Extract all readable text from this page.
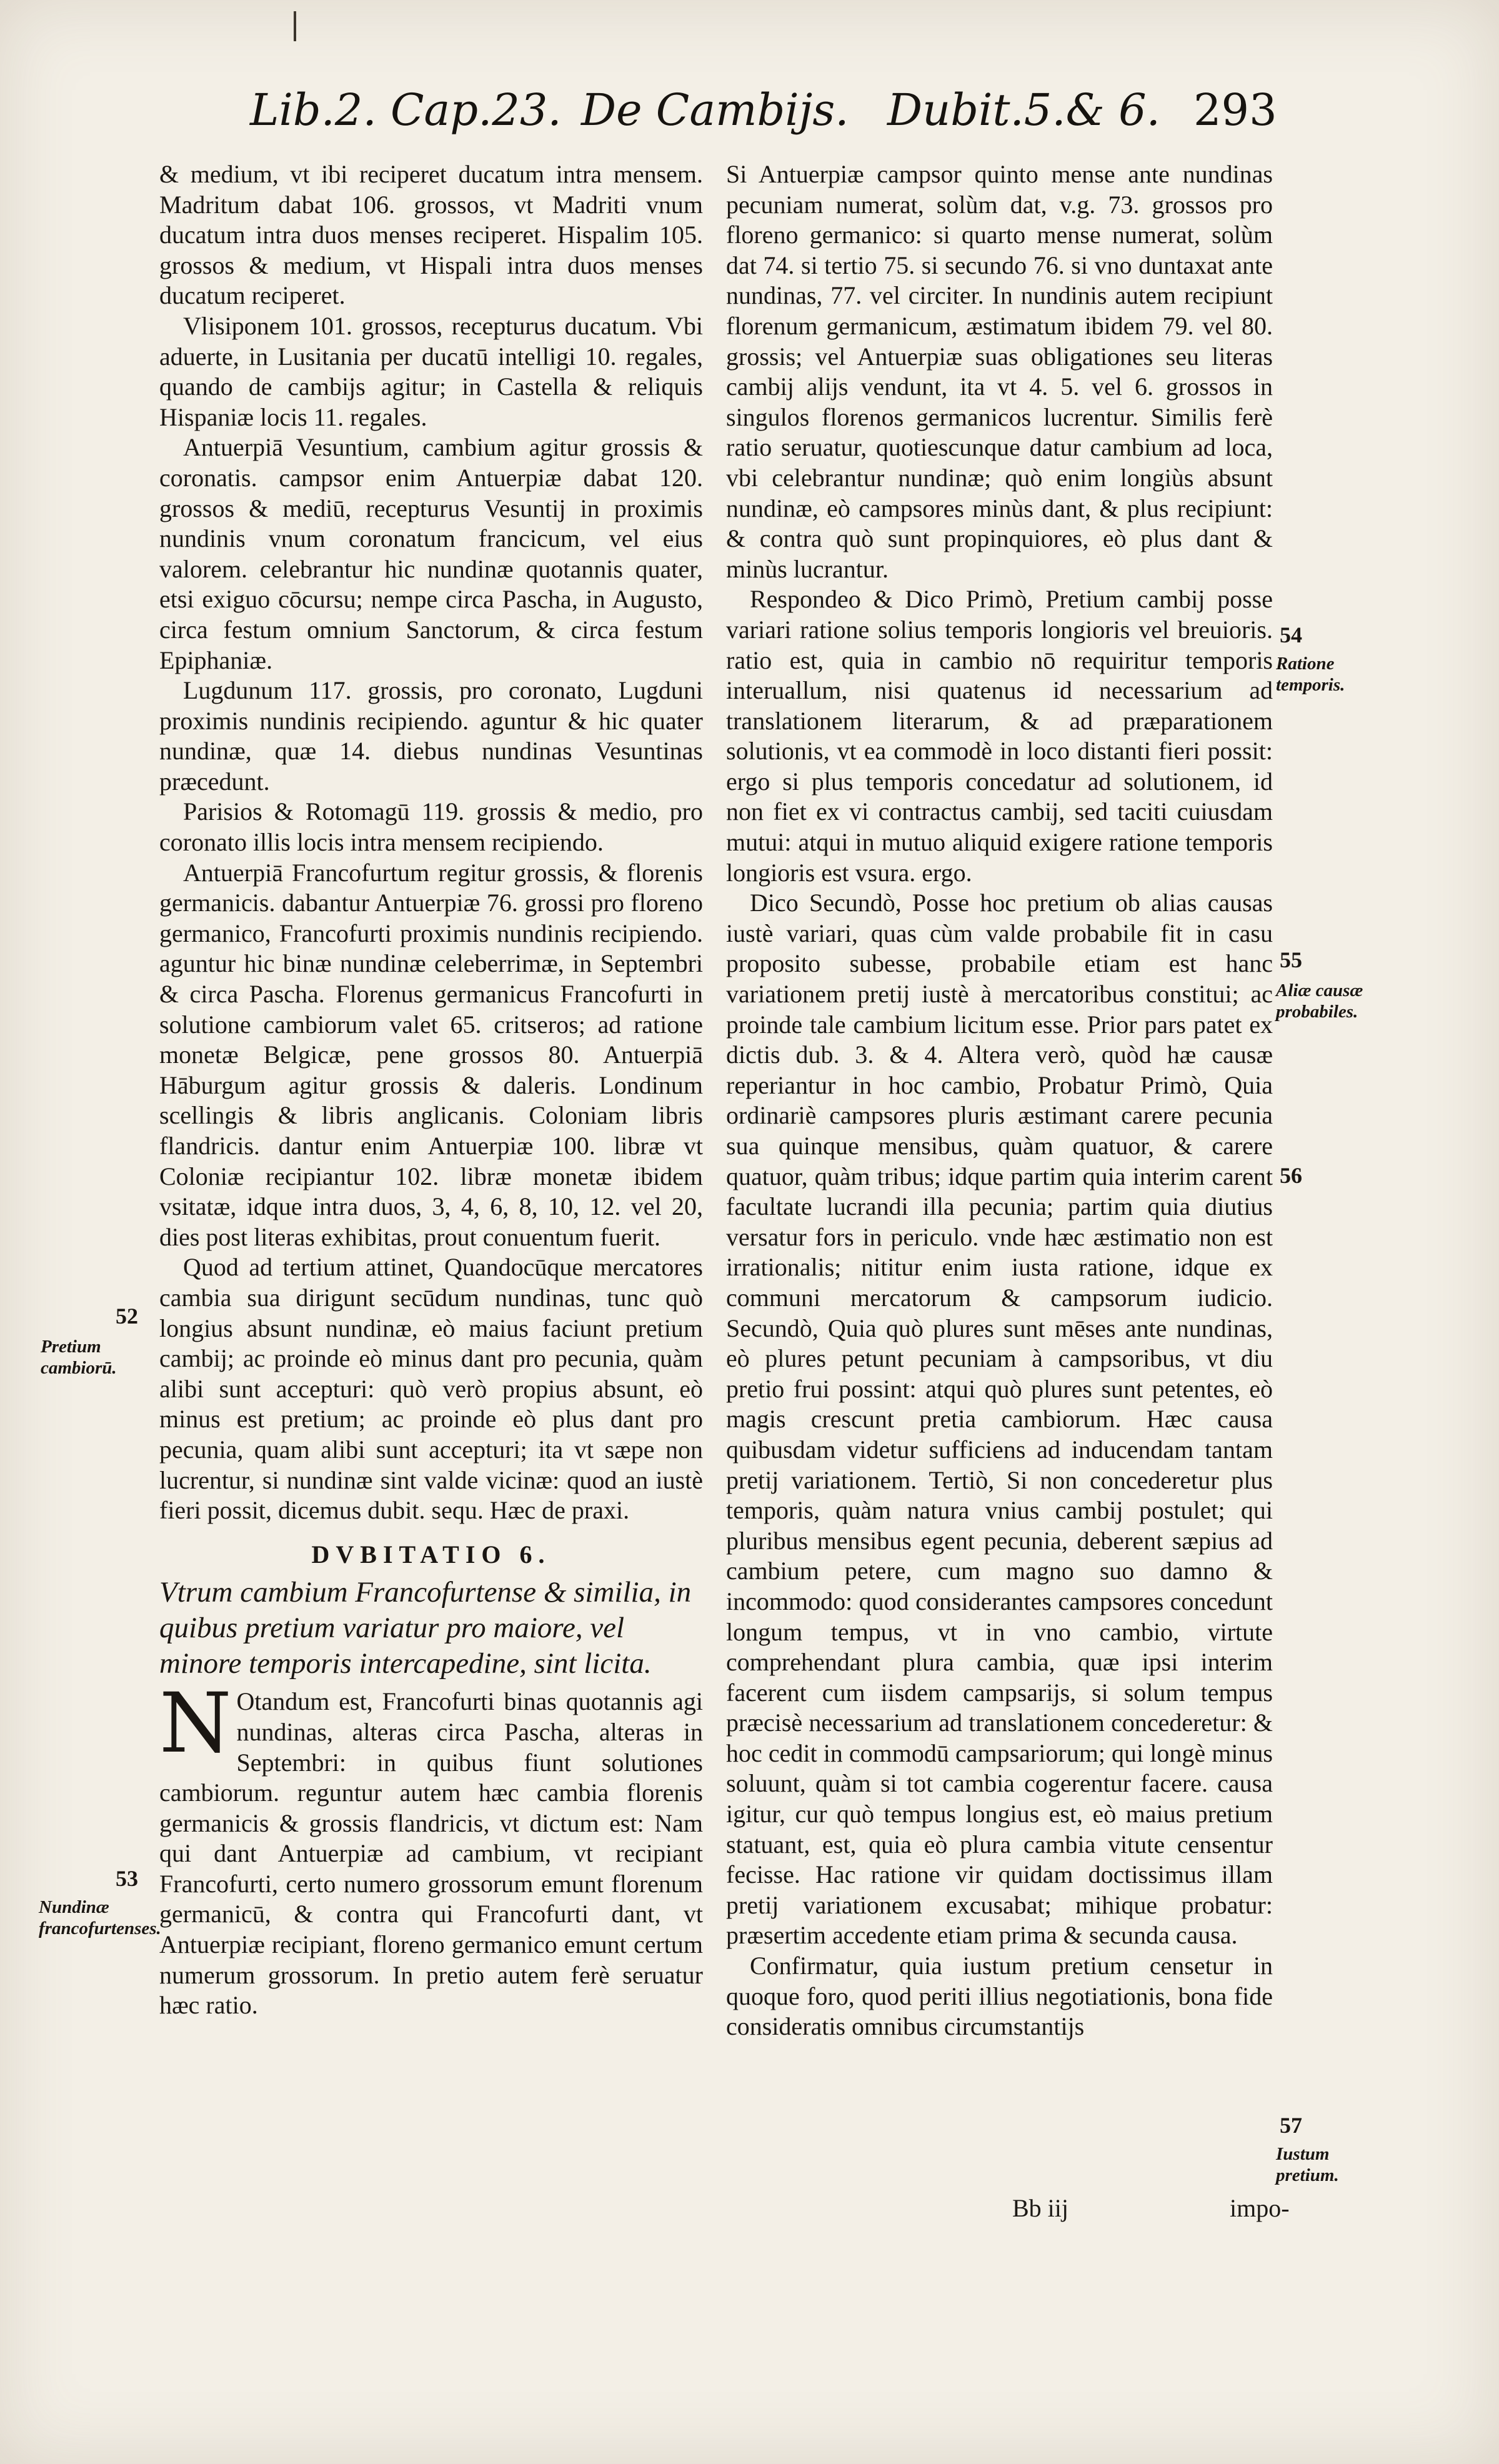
Lib.2. Cap.23. De Cambijs. Dubit.5.& 6. 293

& medium, vt ibi reciperet ducatum intra mensem. Madritum dabat 106. grossos, vt Madriti vnum ducatum intra duos menses reciperet. Hispalim 105. grossos & medium, vt Hispali intra duos menses ducatum reciperet.

Vlisiponem 101. grossos, recepturus ducatum. Vbi aduerte, in Lusitania per ducatū intelligi 10. regales, quando de cambijs agitur; in Castella & reliquis Hispaniæ locis 11. regales.

Antuerpiā Vesuntium, cambium agitur grossis & coronatis. campsor enim Antuerpiæ dabat 120. grossos & mediū, recepturus Vesuntij in proximis nundinis vnum coronatum francicum, vel eius valorem. celebrantur hic nundinæ quotannis quater, etsi exiguo cōcursu; nempe circa Pascha, in Augusto, circa festum omnium Sanctorum, & circa festum Epiphaniæ.

Lugdunum 117. grossis, pro coronato, Lugduni proximis nundinis recipiendo. aguntur & hic quater nundinæ, quæ 14. diebus nundinas Vesuntinas præcedunt.

Parisios & Rotomagū 119. grossis & medio, pro coronato illis locis intra mensem recipiendo.

Antuerpiā Francofurtum regitur grossis, & florenis germanicis. dabantur Antuerpiæ 76. grossi pro floreno germanico, Francofurti proximis nundinis recipiendo. aguntur hic binæ nundinæ celeberrimæ, in Septembri & circa Pascha. Florenus germanicus Francofurti in solutione cambiorum valet 65. critseros; ad ratione monetæ Belgicæ, pene grossos 80. Antuerpiā Hāburgum agitur grossis & daleris. Londinum scellingis & libris anglicanis. Coloniam libris flandricis. dantur enim Antuerpiæ 100. libræ vt Coloniæ recipiantur 102. libræ monetæ ibidem vsitatæ, idque intra duos, 3, 4, 6, 8, 10, 12. vel 20, dies post literas exhibitas, prout conuentum fuerit.

Quod ad tertium attinet, Quandocūque mercatores cambia sua dirigunt secūdum nundinas, tunc quò longius absunt nundinæ, eò maius faciunt pretium cambij; ac proinde eò minus dant pro pecunia, quàm alibi sunt accepturi: quò verò propius absunt, eò minus est pretium; ac proinde eò plus dant pro pecunia, quam alibi sunt accepturi; ita vt sæpe non lucrentur, si nundinæ sint valde vicinæ: quod an iustè fieri possit, dicemus dubit. sequ. Hæc de praxi.

DVBITATIO 6.

Vtrum cambium Francofurtense & similia, in quibus pretium variatur pro maiore, vel minore temporis intercapedine, sint licita.

N Otandum est, Francofurti binas quotannis agi nundinas, alteras circa Pascha, alteras in Septembri: in quibus fiunt solutiones cambiorum. reguntur autem hæc cambia florenis germanicis & grossis flandricis, vt dictum est: Nam qui dant Antuerpiæ ad cambium, vt recipiant Francofurti, certo numero grossorum emunt florenum germanicū, & contra qui Francofurti dant, vt Antuerpiæ recipiant, floreno germanico emunt certum numerum grossorum. In pretio autem ferè seruatur hæc ratio.

Si Antuerpiæ campsor quinto mense ante nundinas pecuniam numerat, solùm dat, v.g. 73. grossos pro floreno germanico: si quarto mense numerat, solùm dat 74. si tertio 75. si secundo 76. si vno duntaxat ante nundinas, 77. vel circiter. In nundinis autem recipiunt florenum germanicum, æstimatum ibidem 79. vel 80. grossis; vel Antuerpiæ suas obligationes seu literas cambij alijs vendunt, ita vt 4. 5. vel 6. grossos in singulos florenos germanicos lucrentur. Similis ferè ratio seruatur, quotiescunque datur cambium ad loca, vbi celebrantur nundinæ; quò enim longiùs absunt nundinæ, eò campsores minùs dant, & plus recipiunt: & contra quò sunt propinquiores, eò plus dant & minùs lucrantur.

Respondeo & Dico Primò, Pretium cambij posse variari ratione solius temporis longioris vel breuioris. ratio est, quia in cambio nō requiritur temporis interuallum, nisi quatenus id necessarium ad translationem literarum, & ad præparationem solutionis, vt ea commodè in loco distanti fieri possit: ergo si plus temporis concedatur ad solutionem, id non fiet ex vi contractus cambij, sed taciti cuiusdam mutui: atqui in mutuo aliquid exigere ratione temporis longioris est vsura. ergo.

Dico Secundò, Posse hoc pretium ob alias causas iustè variari, quas cùm valde probabile fit in casu proposito subesse, probabile etiam est hanc variationem pretij iustè à mercatoribus constitui; ac proinde tale cambium licitum esse. Prior pars patet ex dictis dub. 3. & 4. Altera verò, quòd hæ causæ reperiantur in hoc cambio, Probatur Primò, Quia ordinariè campsores pluris æstimant carere pecunia sua quinque mensibus, quàm quatuor, & carere quatuor, quàm tribus; idque partim quia interim carent facultate lucrandi illa pecunia; partim quia diutius versatur fors in periculo. vnde hæc æstimatio non est irrationalis; nititur enim iusta ratione, idque ex communi mercatorum & campsorum iudicio. Secundò, Quia quò plures sunt mēses ante nundinas, eò plures petunt pecuniam à campsoribus, vt diu pretio frui possint: atqui quò plures sunt petentes, eò magis crescunt pretia cambiorum. Hæc causa quibusdam videtur sufficiens ad inducendam tantam pretij variationem. Tertiò, Si non concederetur plus temporis, quàm natura vnius cambij postulet; qui pluribus mensibus egent pecunia, deberent sæpius ad cambium petere, cum magno suo damno & incommodo: quod considerantes campsores concedunt longum tempus, vt in vno cambio, virtute comprehendant plura cambia, quæ ipsi interim facerent cum iisdem campsarijs, si solum tempus præcisè necessarium ad translationem concederetur: & hoc cedit in commodū campsariorum; qui longè minus soluunt, quàm si tot cambia cogerentur facere. causa igitur, cur quò tempus longius est, eò maius pretium statuant, est, quia eò plura cambia vitute censentur fecisse. Hac ratione vir quidam doctissimus illam pretij variationem excusabat; mihique probatur: præsertim accedente etiam prima & secunda causa.

Confirmatur, quia iustum pretium censetur in quoque foro, quod periti illius negotiationis, bona fide consideratis omnibus circumstantijs

52
Pretium cambiorū.
53
Nundinæ francofurtenses.
54
Ratione temporis.
55
Aliæ causæ probabiles.
56
57
Iustum pretium.
Bb iij	impo-
